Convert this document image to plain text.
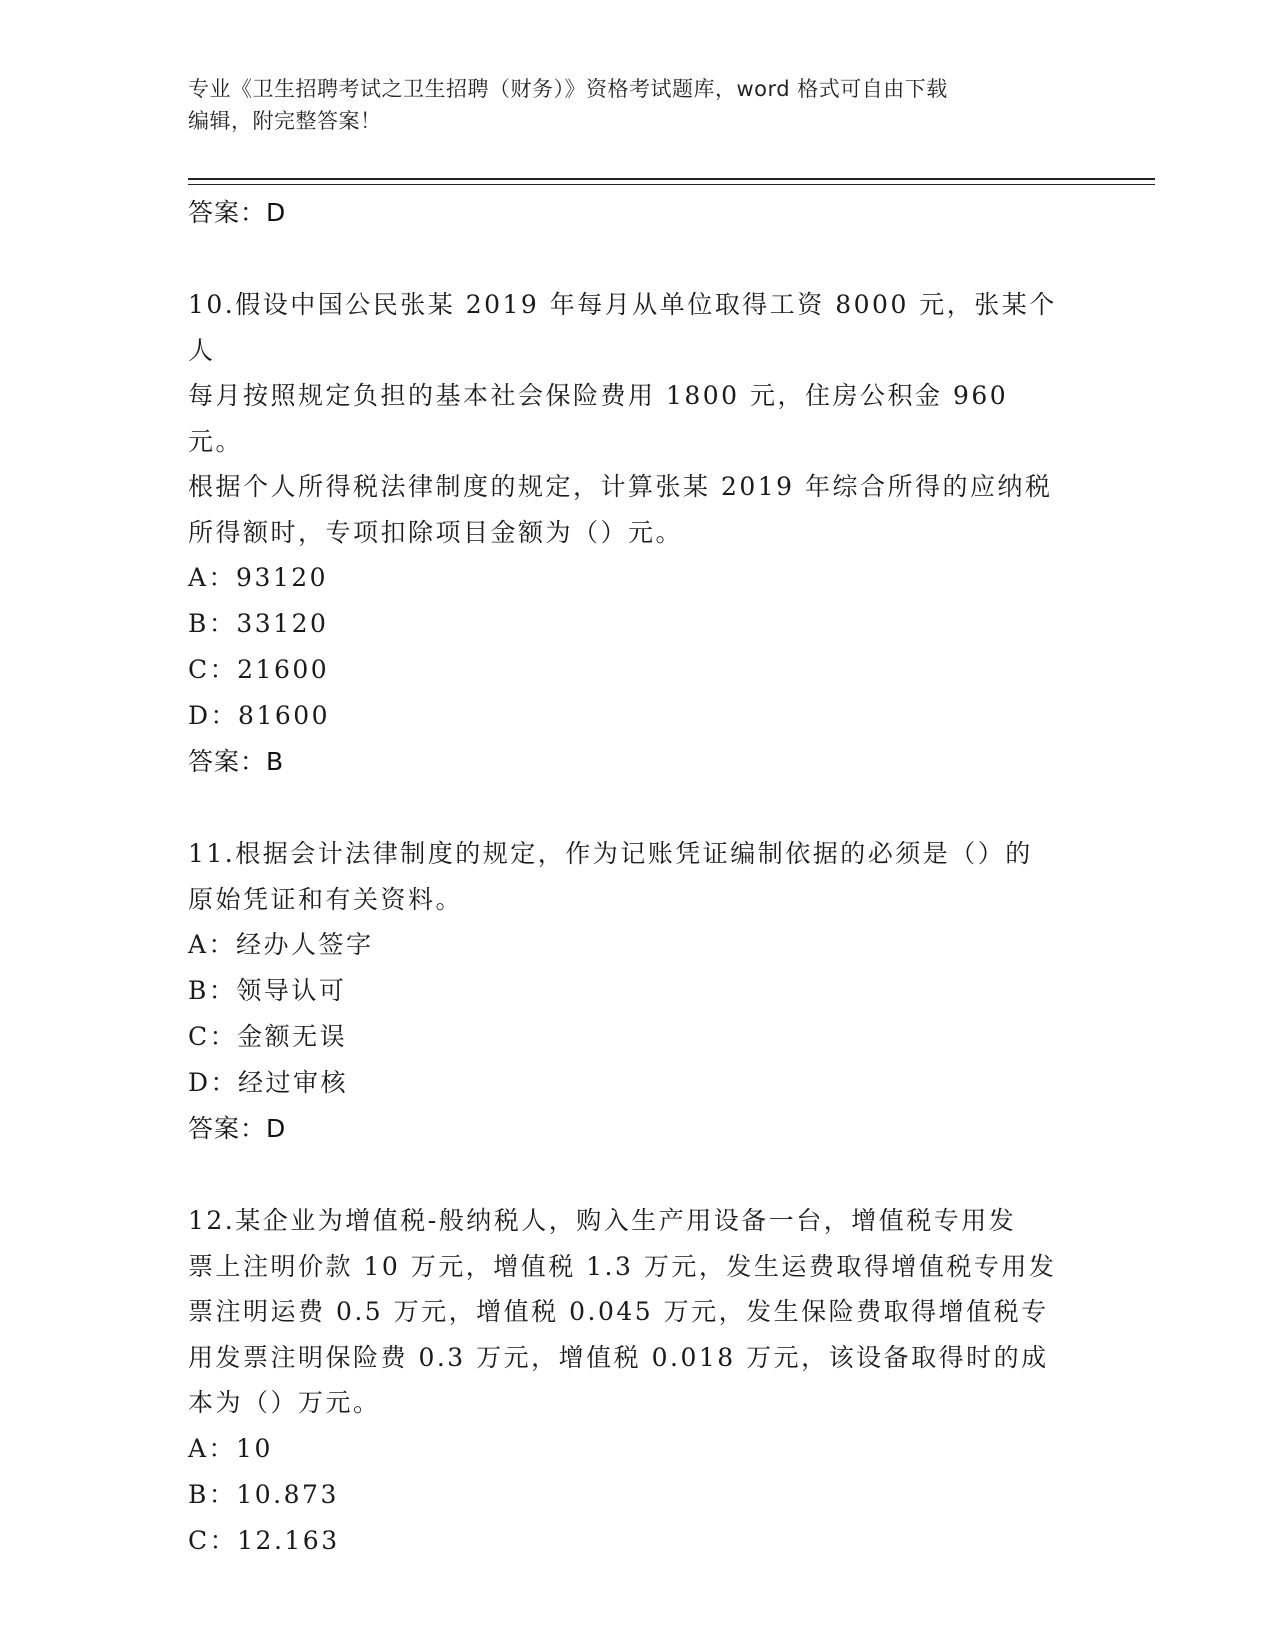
专业《卫生招聘考试之卫生招聘（财务）》资格考试题库，word 格式可自由下载
编辑，附完整答案！
答案：D
10.假设中国公民张某 2019 年每月从单位取得工资 8000 元，张某个人
每月按照规定负担的基本社会保险费用 1800 元，住房公积金 960 元。
根据个人所得税法律制度的规定，计算张某 2019 年综合所得的应纳税
所得额时，专项扣除项目金额为（）元。
A：93120
B：33120
C：21600
D：81600
答案：B
11.根据会计法律制度的规定，作为记账凭证编制依据的必须是（）的
原始凭证和有关资料。
A：经办人签字
B：领导认可
C：金额无误
D：经过审核
答案：D
12.某企业为增值税-般纳税人，购入生产用设备一台，增值税专用发
票上注明价款 10 万元，增值税 1.3 万元，发生运费取得增值税专用发
票注明运费 0.5 万元，增值税 0.045 万元，发生保险费取得增值税专
用发票注明保险费 0.3 万元，增值税 0.018 万元，该设备取得时的成
本为（）万元。
A：10
B：10.873
C：12.163
